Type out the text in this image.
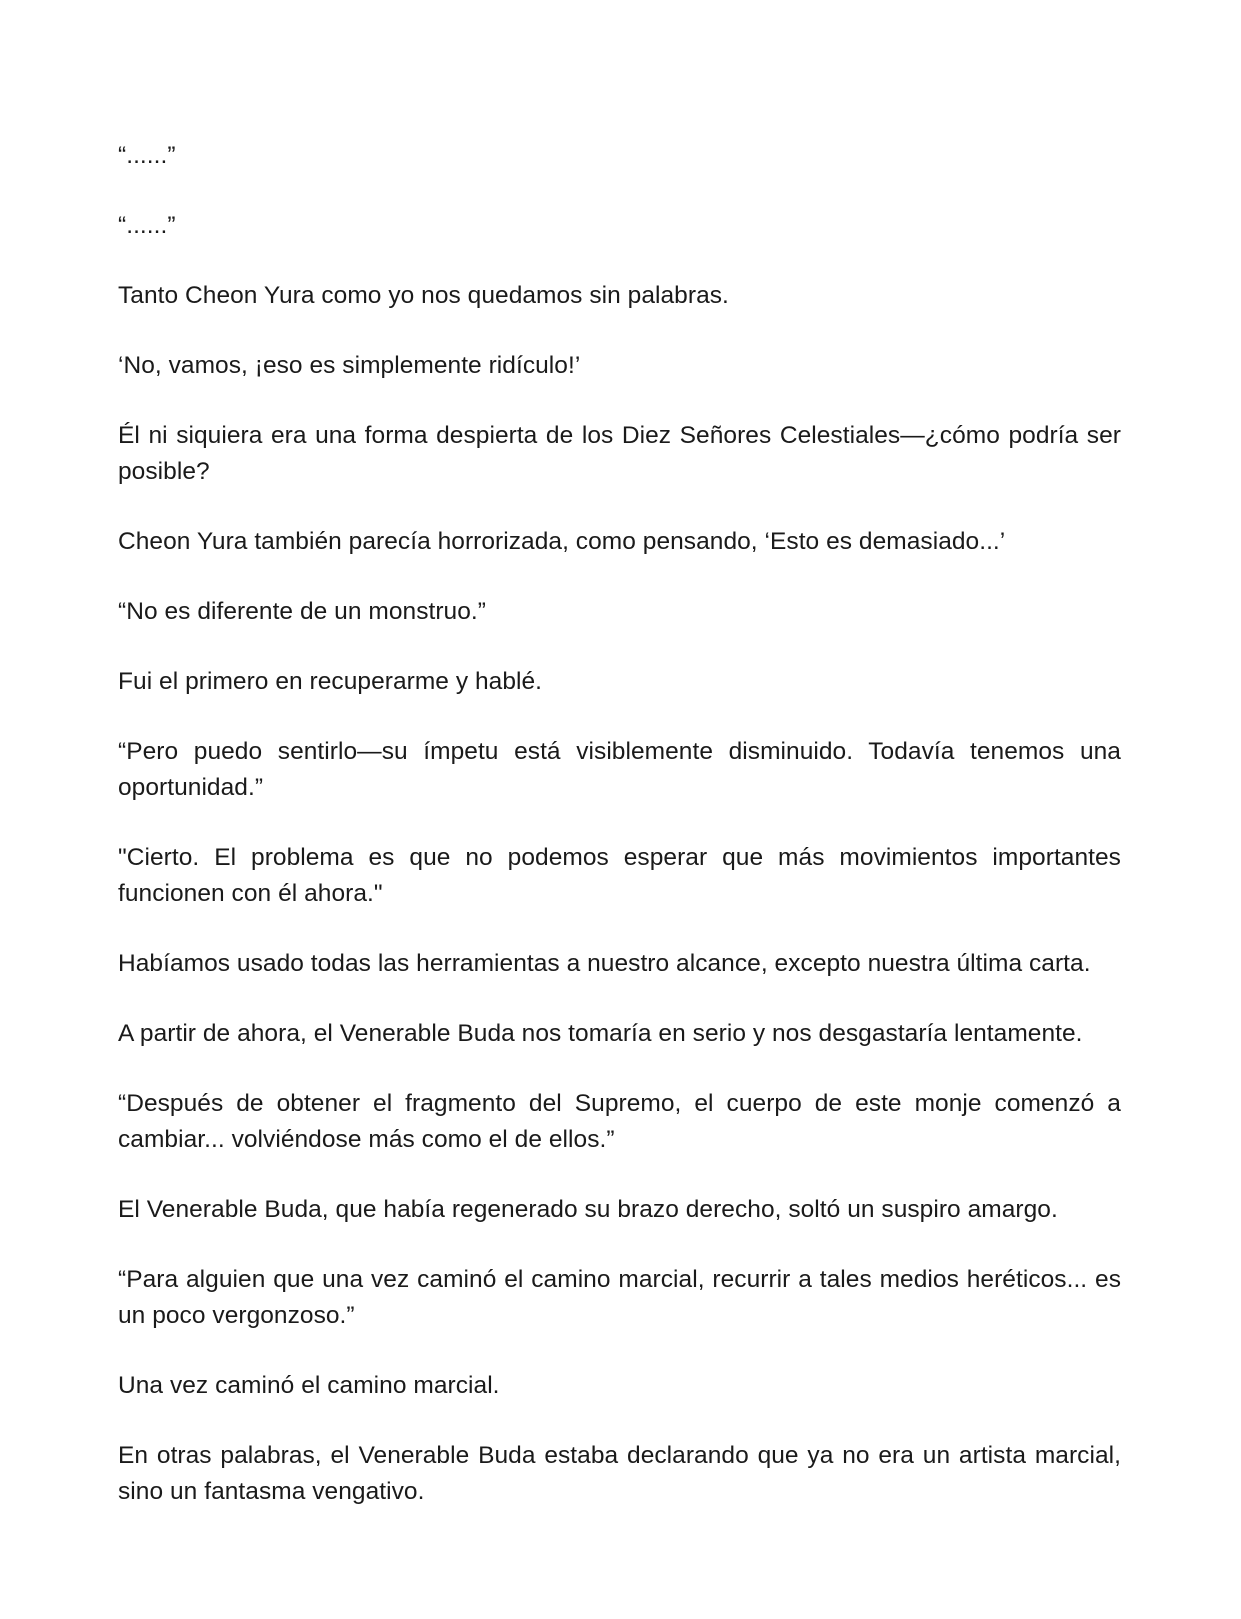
“......”

“......”

Tanto Cheon Yura como yo nos quedamos sin palabras.

‘No, vamos, ¡eso es simplemente ridículo!’

Él ni siquiera era una forma despierta de los Diez Señores Celestiales—¿cómo podría ser posible?

Cheon Yura también parecía horrorizada, como pensando, ‘Esto es demasiado...’

“No es diferente de un monstruo.”

Fui el primero en recuperarme y hablé.

“Pero puedo sentirlo—su ímpetu está visiblemente disminuido. Todavía tenemos una oportunidad.”

"Cierto. El problema es que no podemos esperar que más movimientos importantes funcionen con él ahora."

Habíamos usado todas las herramientas a nuestro alcance, excepto nuestra última carta.

A partir de ahora, el Venerable Buda nos tomaría en serio y nos desgastaría lentamente.

“Después de obtener el fragmento del Supremo, el cuerpo de este monje comenzó a cambiar... volviéndose más como el de ellos.”

El Venerable Buda, que había regenerado su brazo derecho, soltó un suspiro amargo.

“Para alguien que una vez caminó el camino marcial, recurrir a tales medios heréticos... es un poco vergonzoso.”

Una vez caminó el camino marcial.

En otras palabras, el Venerable Buda estaba declarando que ya no era un artista marcial, sino un fantasma vengativo.
